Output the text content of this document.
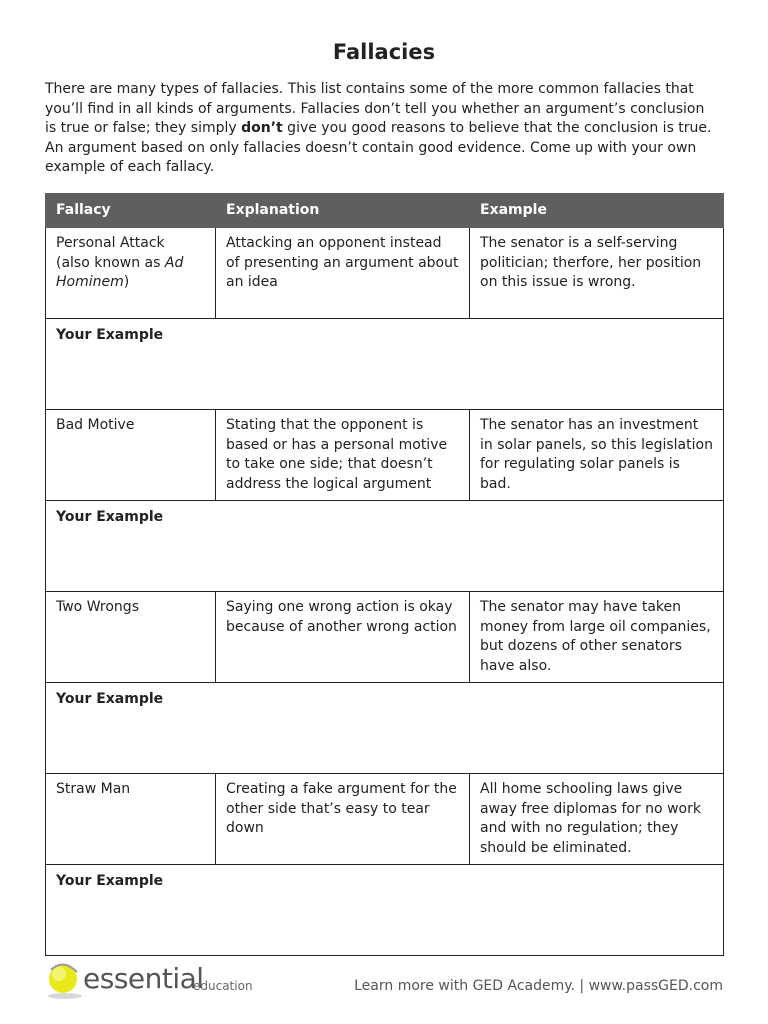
Fallacies
There are many types of fallacies. This list contains some of the more common fallacies that
you’ll find in all kinds of arguments. Fallacies don’t tell you whether an argument’s conclusion
is true or false; they simply don’t give you good reasons to believe that the conclusion is true.
An argument based on only fallacies doesn’t contain good evidence. Come up with your own
example of each fallacy.
Fallacy	Explanation	Example
Personal Attack
(also known as Ad Hominem)	Attacking an opponent instead of presenting an argument about an idea	The senator is a self-serving politician; therfore, her position on this issue is wrong.
Your Example		
Bad Motive	Stating that the opponent is based or has a personal motive to take one side; that doesn’t address the logical argument	The senator has an investment in solar panels, so this legislation for regulating solar panels is bad.
Your Example		
Two Wrongs	Saying one wrong action is okay because of another wrong action	The senator may have taken money from large oil companies, but dozens of other senators have also.
Your Example		
Straw Man	Creating a fake argument for the other side that’s easy to tear down	All home schooling laws give away free diplomas for no work and with no regulation; they should be eliminated.
Your Example		
essential
education	Learn more with GED Academy. | www.passGED.com
